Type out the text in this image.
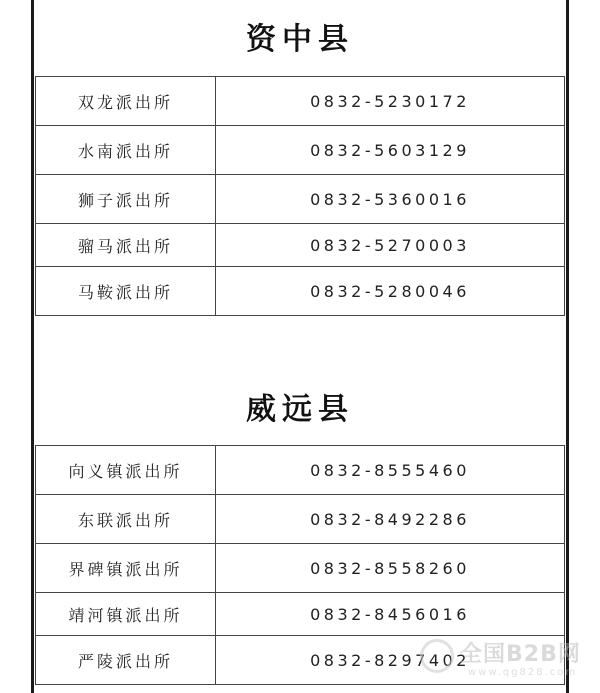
资中县
双龙派出所	0832-5230172
水南派出所	0832-5603129
狮子派出所	0832-5360016
骝马派出所	0832-5270003
马鞍派出所	0832-5280046
威远县
向义镇派出所	0832-8555460
东联派出所	0832-8492286
界碑镇派出所	0832-8558260
靖河镇派出所	0832-8456016
严陵派出所	0832-8297402
全国B2B网
www.qg828.com
